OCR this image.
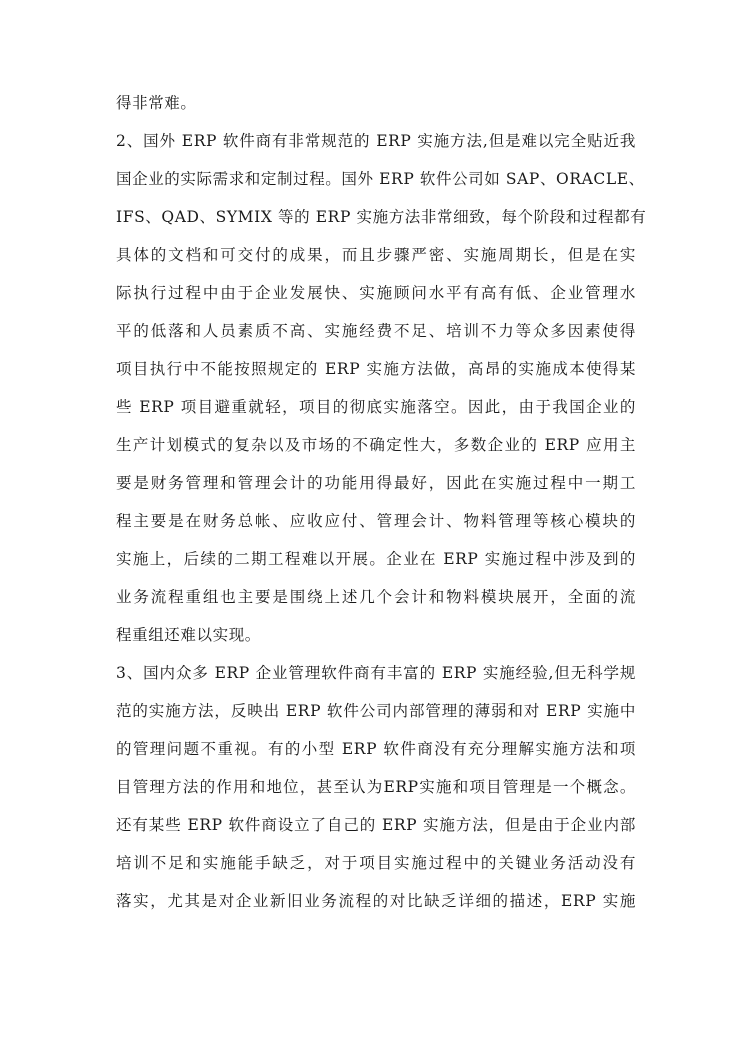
得非常难。
2、国外 ERP 软件商有非常规范的 ERP 实施方法,但是难以完全贴近我
国企业的实际需求和定制过程。国外 ERP 软件公司如 SAP、ORACLE、
IFS、QAD、SYMIX 等的 ERP 实施方法非常细致，每个阶段和过程都有
具体的文档和可交付的成果，而且步骤严密、实施周期长，但是在实
际执行过程中由于企业发展快、实施顾问水平有高有低、企业管理水
平的低落和人员素质不高、实施经费不足、培训不力等众多因素使得
项目执行中不能按照规定的 ERP 实施方法做，高昂的实施成本使得某
些 ERP 项目避重就轻，项目的彻底实施落空。因此，由于我国企业的
生产计划模式的复杂以及市场的不确定性大，多数企业的 ERP 应用主
要是财务管理和管理会计的功能用得最好，因此在实施过程中一期工
程主要是在财务总帐、应收应付、管理会计、物料管理等核心模块的
实施上，后续的二期工程难以开展。企业在 ERP 实施过程中涉及到的
业务流程重组也主要是围绕上述几个会计和物料模块展开，全面的流
程重组还难以实现。
3、国内众多 ERP 企业管理软件商有丰富的 ERP 实施经验,但无科学规
范的实施方法，反映出 ERP 软件公司内部管理的薄弱和对 ERP 实施中
的管理问题不重视。有的小型 ERP 软件商没有充分理解实施方法和项
目管理方法的作用和地位，甚至认为ERP实施和项目管理是一个概念。
还有某些 ERP 软件商设立了自己的 ERP 实施方法，但是由于企业内部
培训不足和实施能手缺乏，对于项目实施过程中的关键业务活动没有
落实，尤其是对企业新旧业务流程的对比缺乏详细的描述，ERP 实施
